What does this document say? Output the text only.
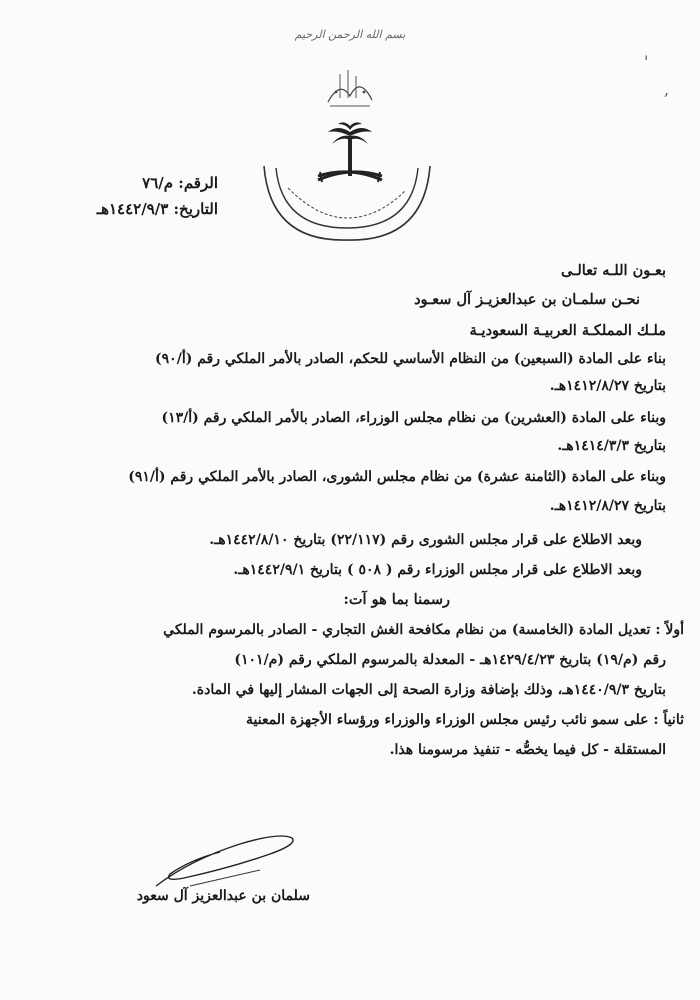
بسم الله الرحمن الرحيم
الرقم: م/٧٦
التاريخ: ١٤٤٢/٩/٣هـ
'
,
بعـون اللـه تعالـى
نحـن سلمـان بن عبدالعزيـز آل سعـود
ملـك المملكـة العربيـة السعوديـة
بناء على المادة (السبعين) من النظام الأساسي للحكم، الصادر بالأمر الملكي رقم (أ/٩٠)
بتاريخ ١٤١٢/٨/٢٧هـ.
وبناء على المادة (العشرين) من نظام مجلس الوزراء، الصادر بالأمر الملكي رقم (أ/١٣)
بتاريخ ١٤١٤/٣/٣هـ.
وبناء على المادة (الثامنة عشرة) من نظام مجلس الشورى، الصادر بالأمر الملكي رقم (أ/٩١)
بتاريخ ١٤١٢/٨/٢٧هـ.
وبعد الاطلاع على قرار مجلس الشورى رقم (٢٢/١١٧) بتاريخ ١٤٤٢/٨/١٠هـ.
وبعد الاطلاع على قرار مجلس الوزراء رقم ( ٥٠٨ ) بتاريخ ١٤٤٢/٩/١هـ.
رسمنا بما هو آت:
أولاً : تعديل المادة (الخامسة) من نظام مكافحة الغش التجاري - الصادر بالمرسوم الملكي
رقم (م/١٩) بتاريخ ١٤٢٩/٤/٢٣هـ - المعدلة بالمرسوم الملكي رقم (م/١٠١)
بتاريخ ١٤٤٠/٩/٣هـ، وذلك بإضافة وزارة الصحة إلى الجهات المشار إليها في المادة.
ثانياً : على سمو نائب رئيس مجلس الوزراء والوزراء ورؤساء الأجهزة المعنية
المستقلة - كل فيما يخصُّه - تنفيذ مرسومنا هذا.
سلمان بن عبدالعزيز آل سعود
